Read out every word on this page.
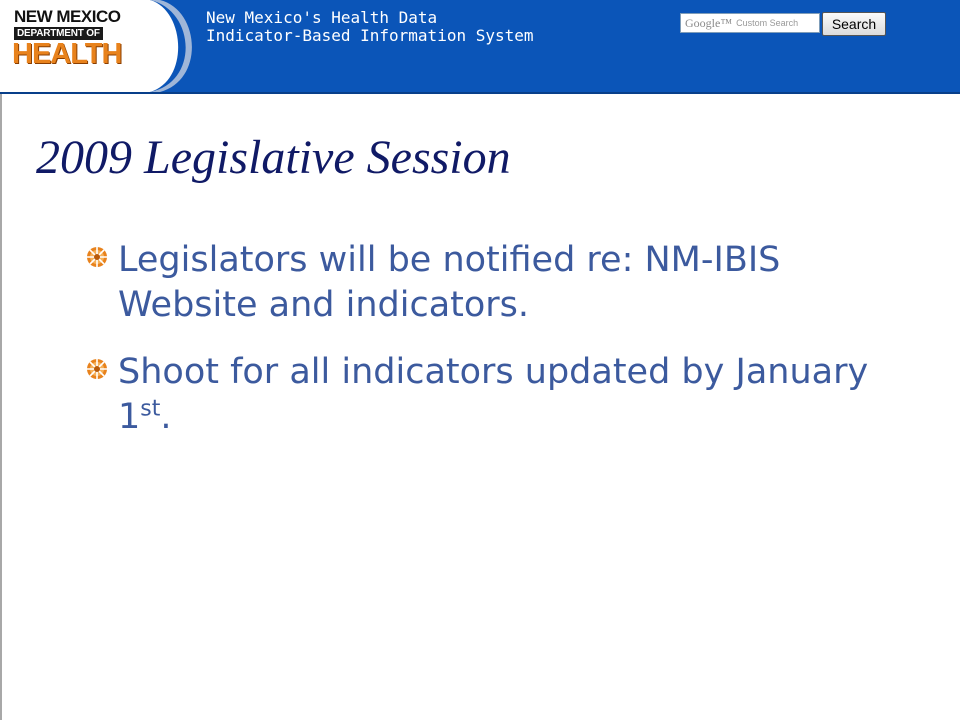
NEW MEXICO
DEPARTMENT OF
HEALTH
New Mexico's Health Data
Indicator-Based Information System
Google™ Custom Search	Search
2009 Legislative Session

Legislators will be notified re: NM-IBIS Website and indicators.

Shoot for all indicators updated by January 1st.
